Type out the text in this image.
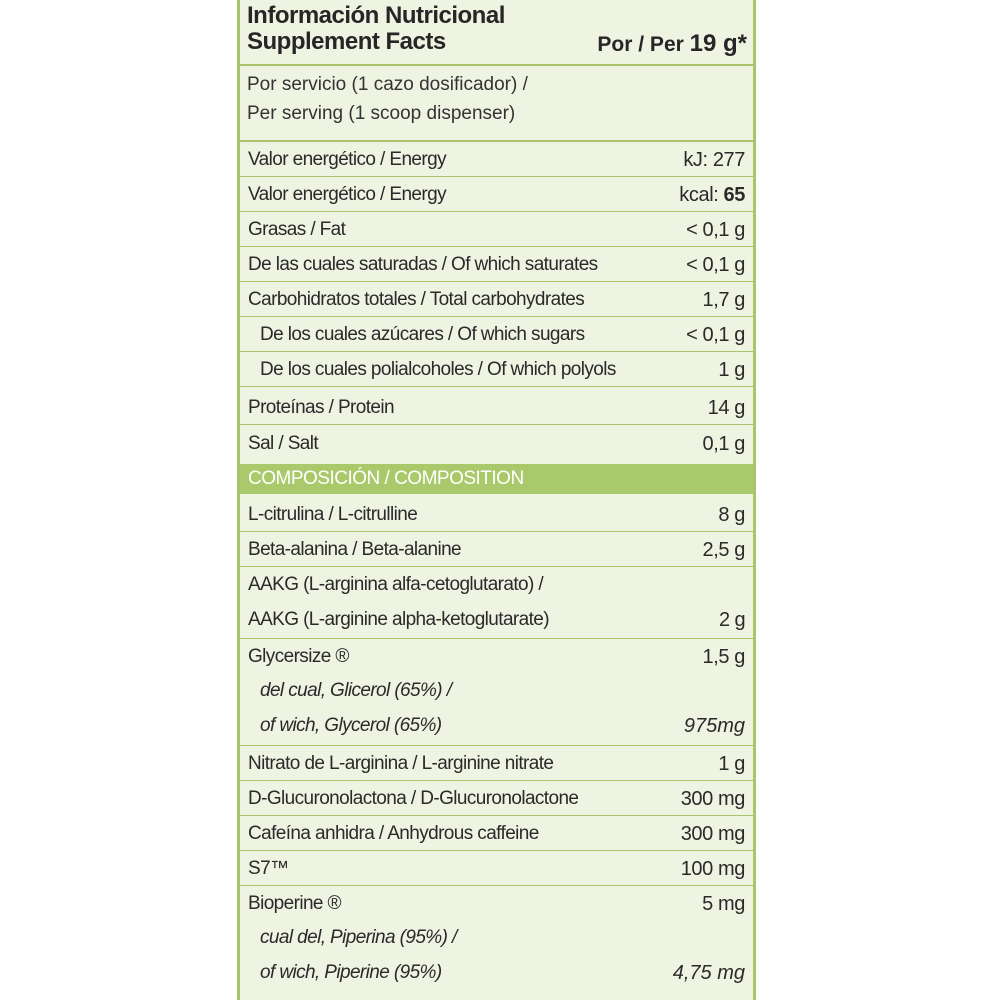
Información Nutricional
Supplement Facts	Por / Per 19 g*
Por servicio (1 cazo dosificador) /
Per serving (1 scoop dispenser)
Valor energético / Energy	kJ: 277
Valor energético / Energy	kcal: 65
Grasas / Fat	< 0,1 g
De las cuales saturadas / Of which saturates	< 0,1 g
Carbohidratos totales / Total carbohydrates	1,7 g
De los cuales azúcares / Of which sugars	< 0,1 g
De los cuales polialcoholes / Of which polyols	1 g
Proteínas / Protein	14 g
Sal / Salt	0,1 g
COMPOSICIÓN / COMPOSITION
L-citrulina / L-citrulline	8 g
Beta-alanina / Beta-alanine	2,5 g
AAKG (L-arginina alfa-cetoglutarato) /
AAKG (L-arginine alpha-ketoglutarate)	2 g
Glycersize ®	1,5 g
del cual, Glicerol (65%) /
of wich, Glycerol (65%)	975mg
Nitrato de L-arginina / L-arginine nitrate	1 g
D-Glucuronolactona / D-Glucuronolactone	300 mg
Cafeína anhidra / Anhydrous caffeine	300 mg
S7™	100 mg
Bioperine ®	5 mg
cual del, Piperina (95%) /
of wich, Piperine (95%)	4,75 mg
